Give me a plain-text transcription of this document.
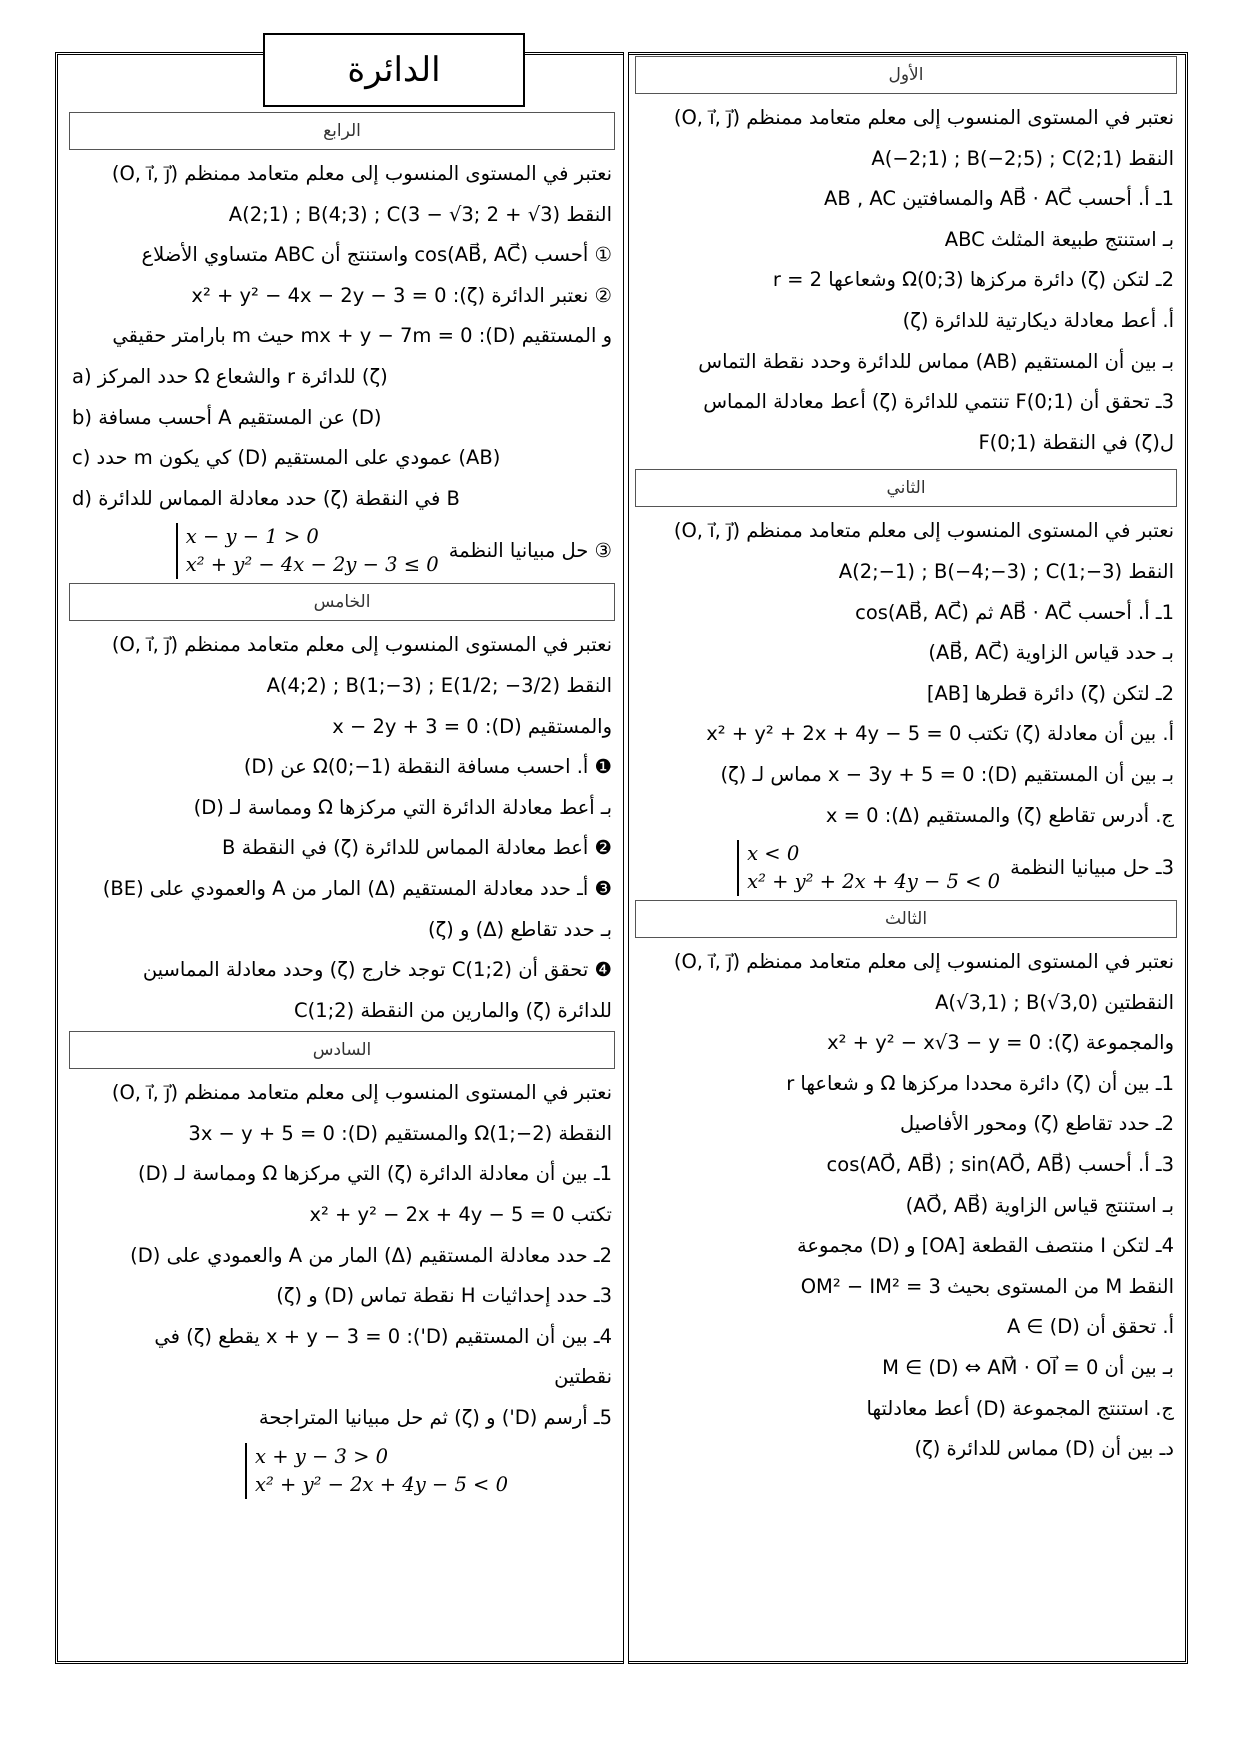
الدائرة	الأول
نعتبر في المستوى المنسوب إلى معلم متعامد ممنظم (O, i⃗, j⃗)
النقط A(−2;1) ; B(−2;5) ; C(2;1)
1ـ أ. أحسب AB⃗ · AC⃗ والمسافتين AB , AC
بـ استنتج طبيعة المثلث ABC
2ـ لتكن (ζ) دائرة مركزها Ω(0;3) وشعاعها r = 2
أ. أعط معادلة ديكارتية للدائرة (ζ)
بـ بين أن المستقيم (AB) مماس للدائرة وحدد نقطة التماس
3ـ تحقق أن F(0;1) تنتمي للدائرة (ζ) أعط معادلة المماس
ل(ζ) في النقطة F(0;1)
الثاني
نعتبر في المستوى المنسوب إلى معلم متعامد ممنظم (O, i⃗, j⃗)
النقط A(2;−1) ; B(−4;−3) ; C(1;−3)
1ـ أ. أحسب AB⃗ · AC⃗ ثم cos(AB⃗, AC⃗)
بـ حدد قياس الزاوية (AB⃗, AC⃗)
2ـ لتكن (ζ) دائرة قطرها [AB]
أ. بين أن معادلة (ζ) تكتب x² + y² + 2x + 4y − 5 = 0
بـ بين أن المستقيم (D): x − 3y + 5 = 0 مماس لـ (ζ)
ج. أدرس تقاطع (ζ) والمستقيم (Δ): x = 0
3ـ حل مبيانيا النظمة
x < 0
x² + y² + 2x + 4y − 5 < 0
الثالث
نعتبر في المستوى المنسوب إلى معلم متعامد ممنظم (O, i⃗, j⃗)
النقطتين A(√3,1) ; B(√3,0)
والمجموعة (ζ): x² + y² − x√3 − y = 0
1ـ بين أن (ζ) دائرة محددا مركزها Ω و شعاعها r
2ـ حدد تقاطع (ζ) ومحور الأفاصيل
3ـ أ. أحسب cos(AO⃗, AB⃗) ; sin(AO⃗, AB⃗)
بـ استنتج قياس الزاوية (AO⃗, AB⃗)
4ـ لتكن I منتصف القطعة [OA] و (D) مجموعة
النقط M من المستوى بحيث OM² − IM² = 3
أ. تحقق أن A ∈ (D)
بـ بين أن M ∈ (D) ⇔ AM⃗ · OI⃗ = 0
ج. استنتج المجموعة (D) أعط معادلتها
دـ بين أن (D) مماس للدائرة (ζ)
الرابع
نعتبر في المستوى المنسوب إلى معلم متعامد ممنظم (O, i⃗, j⃗)
النقط A(2;1) ; B(4;3) ; C(3 − √3; 2 + √3)
① أحسب cos(AB⃗, AC⃗) واستنتج أن ABC متساوي الأضلاع
② نعتبر الدائرة (ζ): x² + y² − 4x − 2y − 3 = 0
و المستقيم (D): mx + y − 7m = 0 حيث m بارامتر حقيقي
a) حدد المركز Ω والشعاع r للدائرة (ζ)
b) أحسب مسافة A عن المستقيم (D)
c) حدد m كي يكون (D) عمودي على المستقيم (AB)
d) حدد معادلة المماس للدائرة (ζ) في النقطة B
③ حل مبيانيا النظمة
x − y − 1 > 0
x² + y² − 4x − 2y − 3 ≤ 0
الخامس
نعتبر في المستوى المنسوب إلى معلم متعامد ممنظم (O, i⃗, j⃗)
النقط A(4;2) ; B(1;−3) ; E(1/2; −3/2)
والمستقيم (D): x − 2y + 3 = 0
❶ أ. احسب مسافة النقطة Ω(0;−1) عن (D)
بـ أعط معادلة الدائرة التي مركزها Ω ومماسة لـ (D)
❷ أعط معادلة المماس للدائرة (ζ) في النقطة B
❸ أـ حدد معادلة المستقيم (Δ) المار من A والعمودي على (BE)
بـ حدد تقاطع (Δ) و (ζ)
❹ تحقق أن C(1;2) توجد خارج (ζ) وحدد معادلة المماسين
للدائرة (ζ) والمارين من النقطة C(1;2)
السادس
نعتبر في المستوى المنسوب إلى معلم متعامد ممنظم (O, i⃗, j⃗)
النقطة Ω(1;−2) والمستقيم (D): 3x − y + 5 = 0
1ـ بين أن معادلة الدائرة (ζ) التي مركزها Ω ومماسة لـ (D)
تكتب x² + y² − 2x + 4y − 5 = 0
2ـ حدد معادلة المستقيم (Δ) المار من A والعمودي على (D)
3ـ حدد إحداثيات H نقطة تماس (D) و (ζ)
4ـ بين أن المستقيم (D'): x + y − 3 = 0 يقطع (ζ) في
نقطتين
5ـ أرسم (D') و (ζ) ثم حل مبيانيا المتراجحة
x + y − 3 > 0
x² + y² − 2x + 4y − 5 < 0
